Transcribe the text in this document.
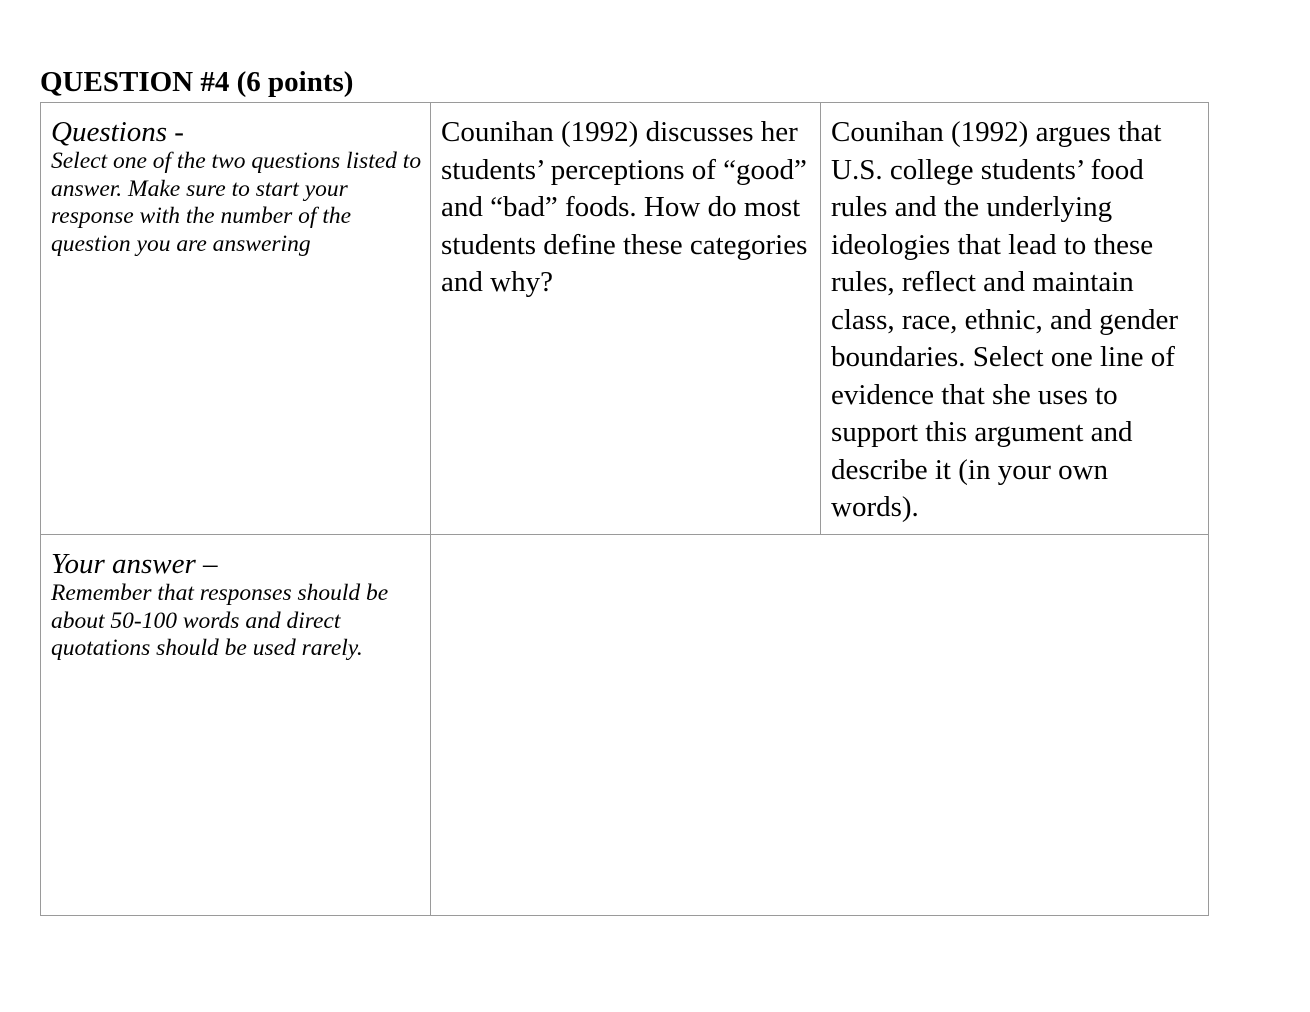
QUESTION #4 (6 points)

Questions -

Select one of the two questions listed to answer. Make sure to start your response with the number of the question you are answering

Counihan (1992) discusses her students’ perceptions of “good” and “bad” foods. How do most students define these categories and why?

Counihan (1992) argues that U.S. college students’ food rules and the underlying ideologies that lead to these rules, reflect and maintain class, race, ethnic, and gender boundaries. Select one line of evidence that she uses to support this argument and describe it (in your own words).

Your answer –

Remember that responses should be about 50-100 words and direct quotations should be used rarely.
